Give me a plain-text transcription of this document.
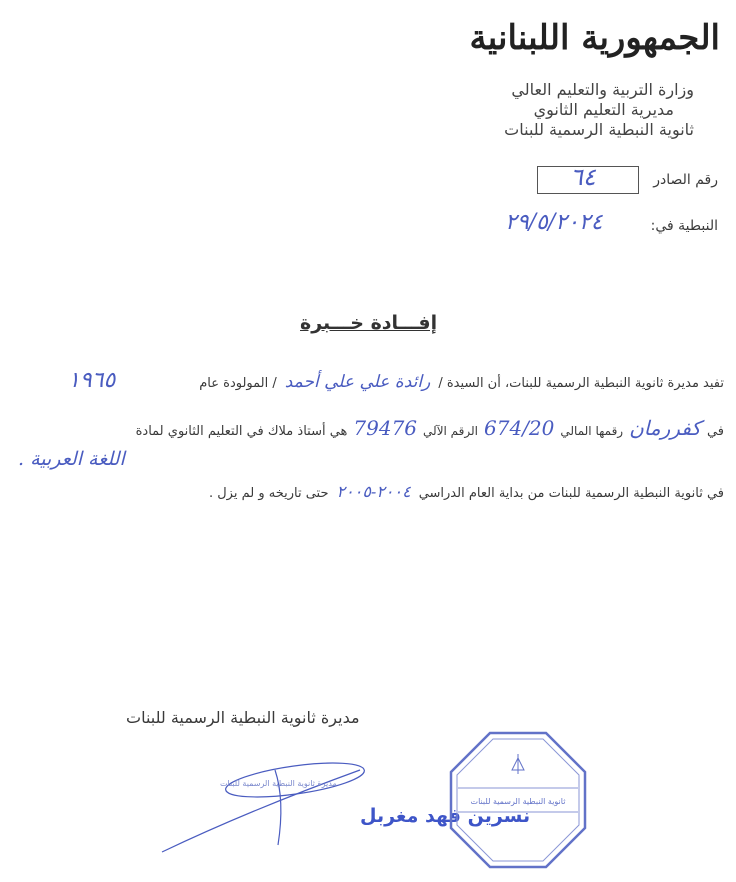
الجمهورية اللبنانية
وزارة التربية والتعليم العالي
مديرية التعليم الثانوي
ثانوية النبطية الرسمية للبنات
رقم الصادر
٦٤
النبطية في:
٢٩/٥/٢٠٢٤
إفـــادة خـــبرة
تفيد مديرة ثانوية النبطية الرسمية للبنات، أن السيدة /
رائدة علي علي أحمد
/ المولودة عام
١٩٦٥
في
كفررمان
رقمها المالي
674/20
الرقم الآلي
79476
هي أستاذ ملاك في التعليم الثانوي لمادة
اللغة العربية .
في ثانوية النبطية الرسمية للبنات من بداية العام الدراسي
٢٠٠٤-٢٠٠٥
حتى تاريخه و لم يزل .
مديرة ثانوية النبطية الرسمية للبنات
مديرة ثانوية النبطية الرسمية للبنات
نسرين فهد مغربل
ثانوية النبطية الرسمية للبنات
